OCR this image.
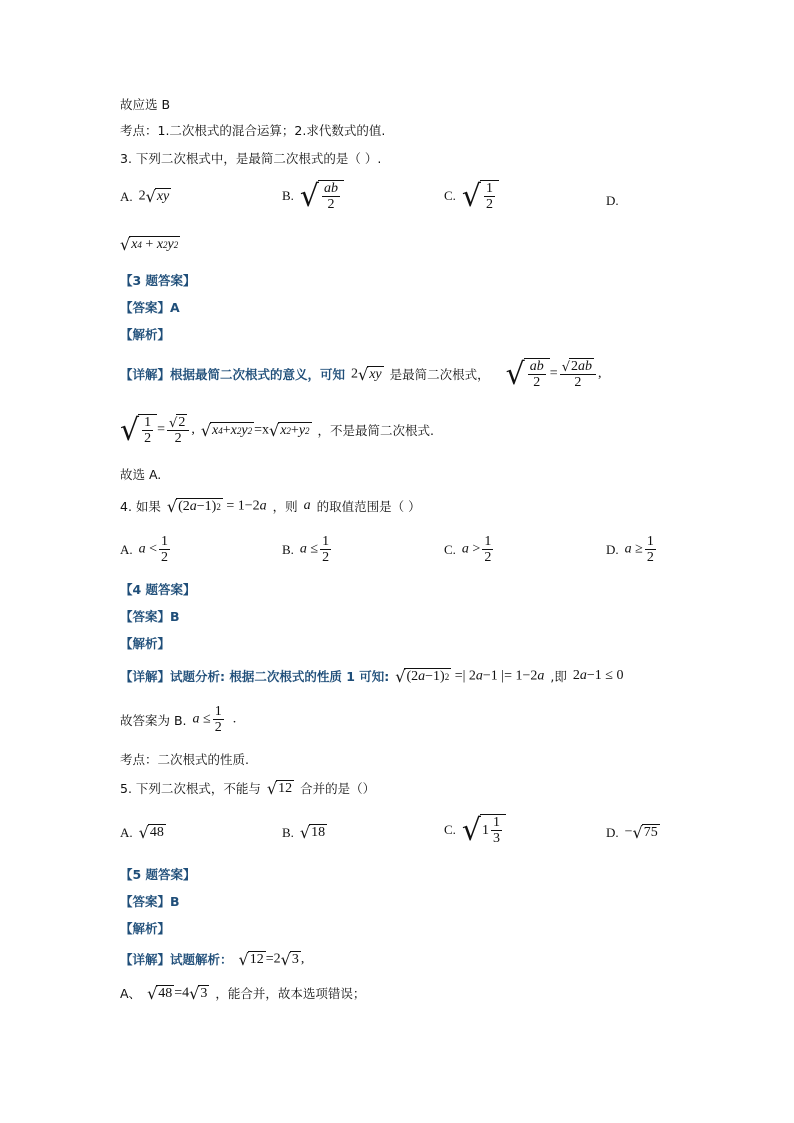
故应选 B
考点：1.二次根式的混合运算；2.求代数式的值.
3. 下列二次根式中，是最简二次根式的是（ ）.
A. 2 √ xy	B. √ $\frac{ab}{2}$	C. √ $\frac{1}{2}$	D.
√ x 4
+ x 2 y 2
【3 题答案】
【答案】A
【解析】
【详解】根据最简二次根式的意义，可知 2 √ xy 是最简二次根式， √ $\frac{ab}{2} = \frac{√ 2 ab}{2}$ ,
√ $\frac{1}{2} = \frac{√ 2}{2}$ , √ x 4 + x 2 y 2 =x √ x 2 + y 2 ，不是最简二次根式.
故选 A.
4. 如果 √ (2 a −1) 2 = 1−2a ，则 a 的取值范围是（ ）
A. $a < \frac{1}{2}$	B. $a \le \frac{1}{2}$	C. $a > \frac{1}{2}$	D. $a \ge \frac{1}{2}$
【4 题答案】
【答案】B
【解析】
【详解】试题分析: 根据二次根式的性质 1 可知: √ (2 a −1) 2 =| 2a−1 |= 1−2a ,即 2a−1 ≤ 0
故答案为 B. $a \le \frac{1}{2}$ .
考点：二次根式的性质.
5. 下列二次根式，不能与 √ 12 合并的是（）
A. √ 48	B. √ 18	C. √ $1 \frac{1}{3}$	D. − √ 75
【5 题答案】
【答案】B
【解析】
【详解】试题解析： √ 12 =2 √ 3 ,
A、 √ 48 =4 √ 3 ，能合并，故本选项错误；
